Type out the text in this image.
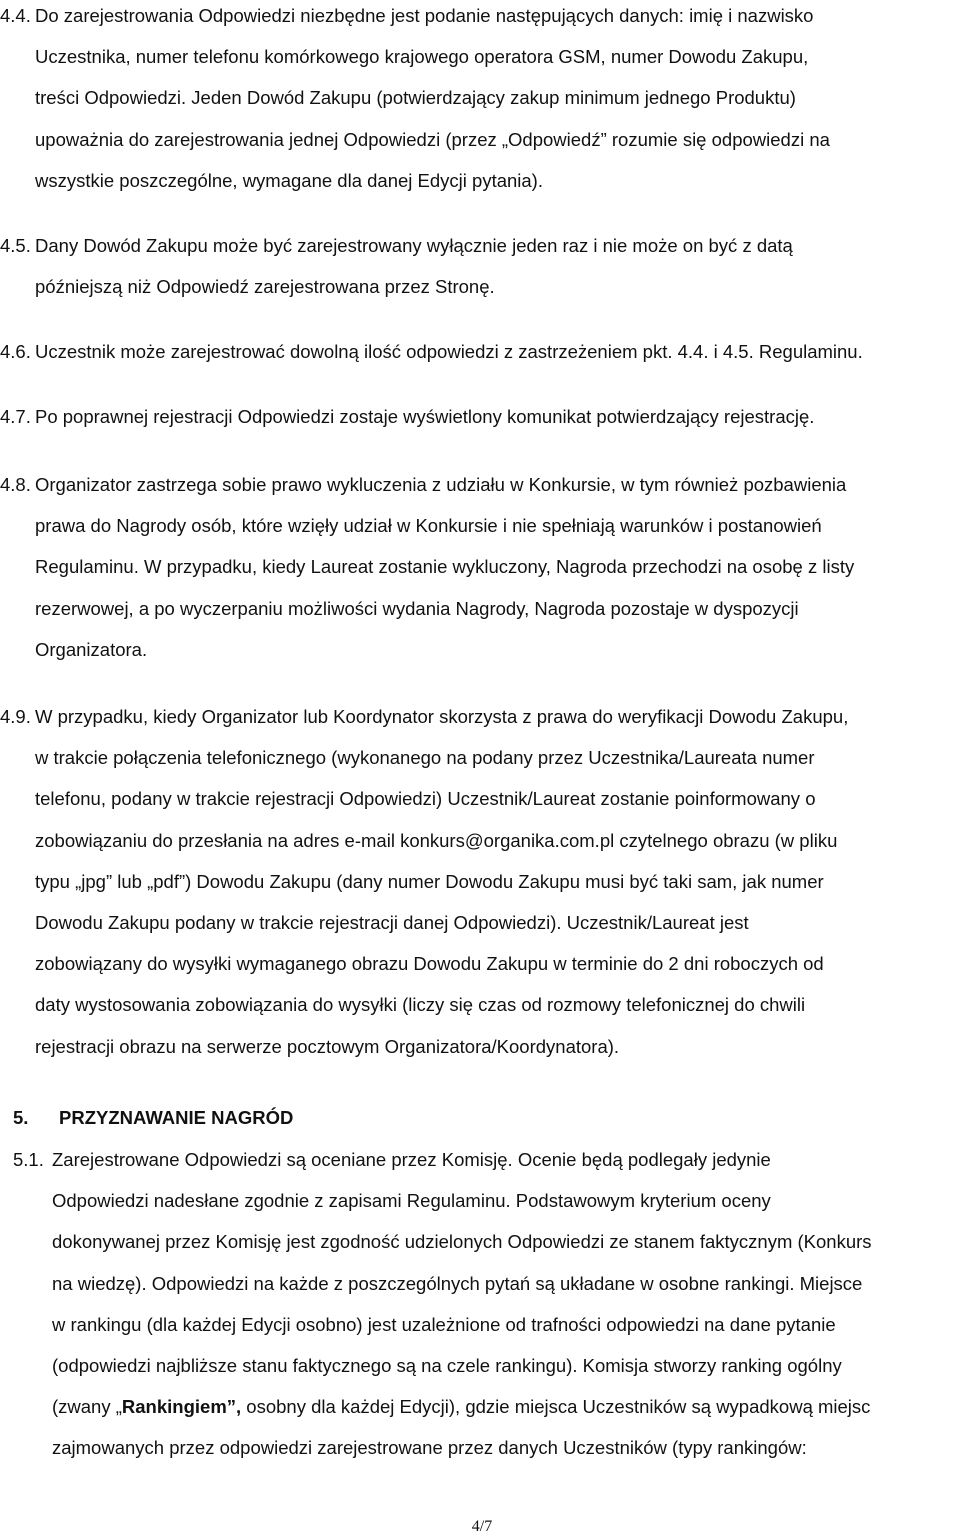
4.4. Do zarejestrowania Odpowiedzi niezbędne jest podanie następujących danych: imię i nazwisko
Uczestnika, numer telefonu komórkowego krajowego operatora GSM, numer Dowodu Zakupu,
treści Odpowiedzi. Jeden Dowód Zakupu (potwierdzający zakup minimum jednego Produktu)
upoważnia do zarejestrowania jednej Odpowiedzi (przez „Odpowiedź” rozumie się odpowiedzi na
wszystkie poszczególne, wymagane dla danej Edycji pytania).
4.5. Dany Dowód Zakupu może być zarejestrowany wyłącznie jeden raz i nie może on być z datą
późniejszą niż Odpowiedź zarejestrowana przez Stronę.
4.6. Uczestnik może zarejestrować dowolną ilość odpowiedzi z zastrzeżeniem pkt. 4.4. i 4.5. Regulaminu.
4.7. Po poprawnej rejestracji Odpowiedzi zostaje wyświetlony komunikat potwierdzający rejestrację.
4.8. Organizator zastrzega sobie prawo wykluczenia z udziału w Konkursie, w tym również pozbawienia
prawa do Nagrody osób, które wzięły udział w Konkursie i nie spełniają warunków i postanowień
Regulaminu. W przypadku, kiedy Laureat zostanie wykluczony, Nagroda przechodzi na osobę z listy
rezerwowej, a po wyczerpaniu możliwości wydania Nagrody, Nagroda pozostaje w dyspozycji
Organizatora.
4.9. W przypadku, kiedy Organizator lub Koordynator skorzysta z prawa do weryfikacji Dowodu Zakupu,
w trakcie połączenia telefonicznego (wykonanego na podany przez Uczestnika/Laureata numer
telefonu, podany w trakcie rejestracji Odpowiedzi) Uczestnik/Laureat zostanie poinformowany o
zobowiązaniu do przesłania na adres e-mail konkurs@organika.com.pl czytelnego obrazu (w pliku
typu „jpg” lub „pdf”) Dowodu Zakupu (dany numer Dowodu Zakupu musi być taki sam, jak numer
Dowodu Zakupu podany w trakcie rejestracji danej Odpowiedzi). Uczestnik/Laureat jest
zobowiązany do wysyłki wymaganego obrazu Dowodu Zakupu w terminie do 2 dni roboczych od
daty wystosowania zobowiązania do wysyłki (liczy się czas od rozmowy telefonicznej do chwili
rejestracji obrazu na serwerze pocztowym Organizatora/Koordynatora).
5. PRZYZNAWANIE NAGRÓD
5.1. Zarejestrowane Odpowiedzi są oceniane przez Komisję. Ocenie będą podlegały jedynie
Odpowiedzi nadesłane zgodnie z zapisami Regulaminu. Podstawowym kryterium oceny
dokonywanej przez Komisję jest zgodność udzielonych Odpowiedzi ze stanem faktycznym (Konkurs
na wiedzę). Odpowiedzi na każde z poszczególnych pytań są układane w osobne rankingi. Miejsce
w rankingu (dla każdej Edycji osobno) jest uzależnione od trafności odpowiedzi na dane pytanie
(odpowiedzi najbliższe stanu faktycznego są na czele rankingu). Komisja stworzy ranking ogólny
(zwany „Rankingiem”, osobny dla każdej Edycji), gdzie miejsca Uczestników są wypadkową miejsc
zajmowanych przez odpowiedzi zarejestrowane przez danych Uczestników (typy rankingów:
4/7
